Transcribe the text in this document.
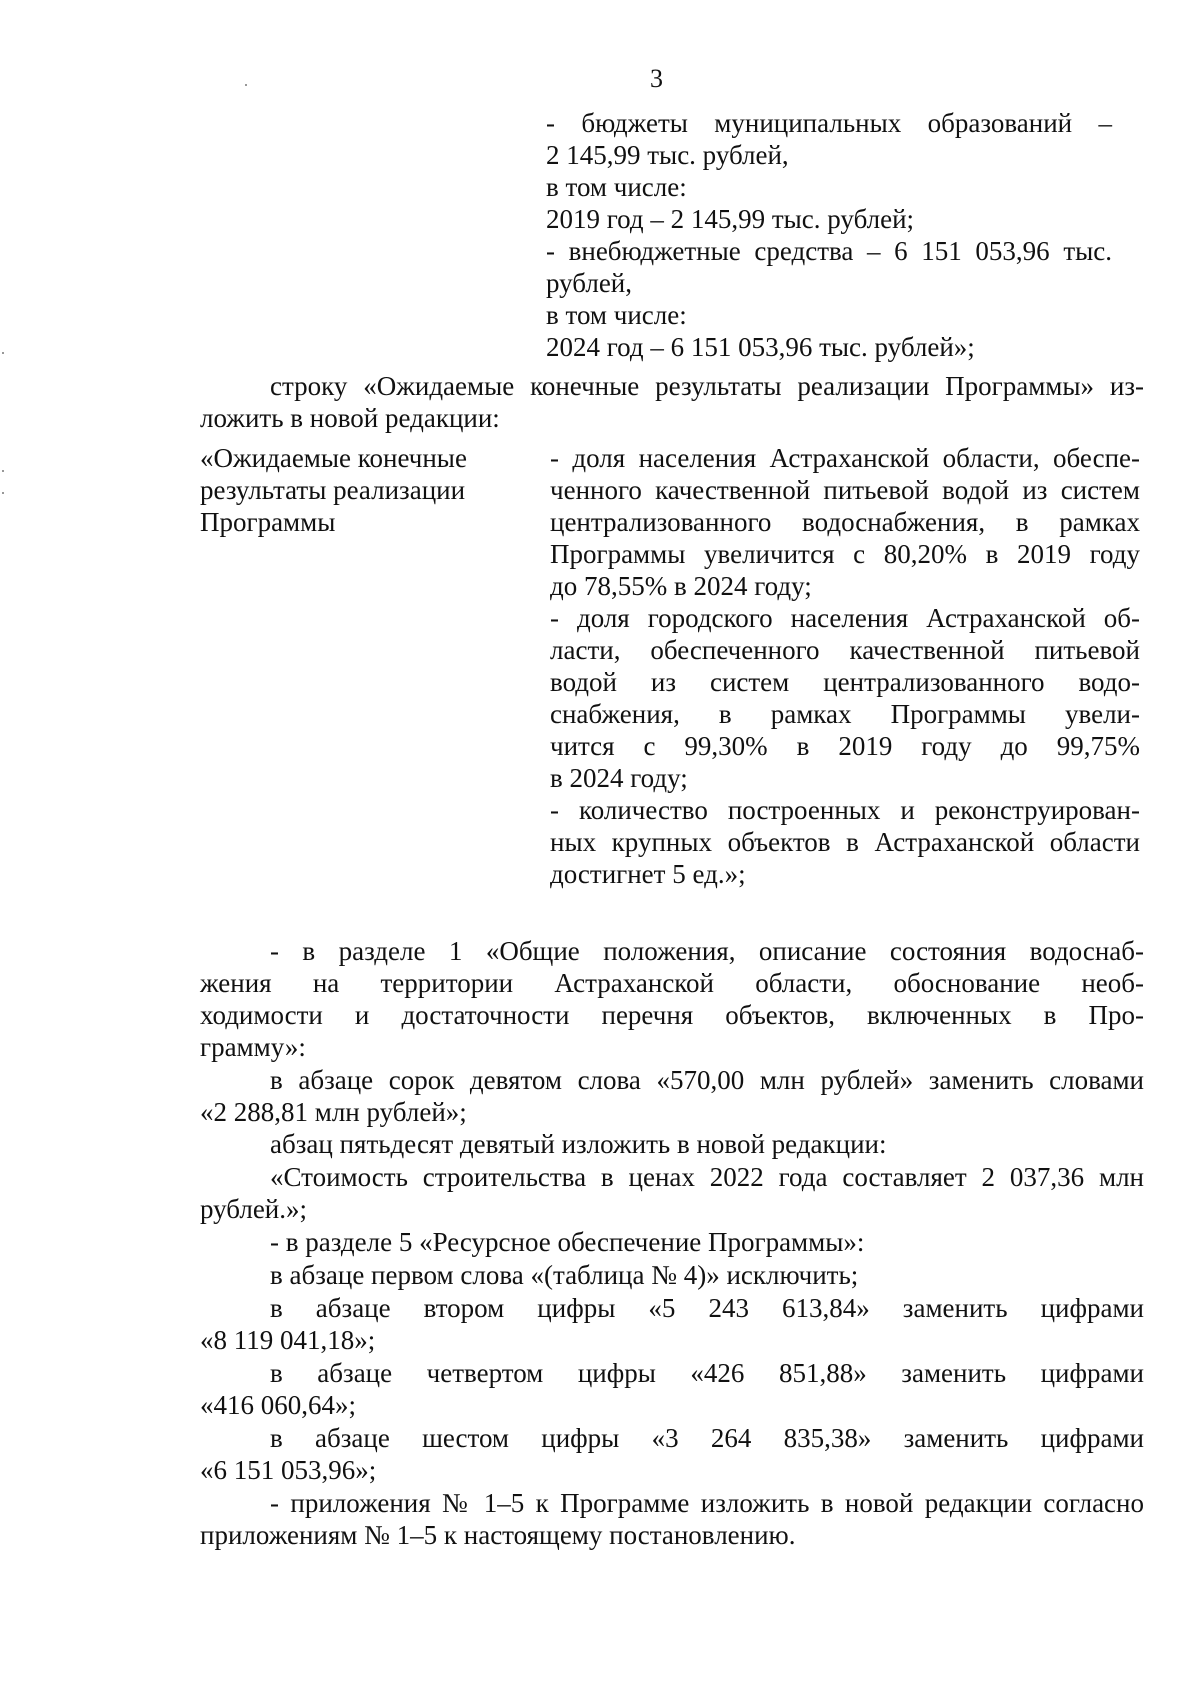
3
- бюджеты муниципальных образований –
2 145,99 тыс. рублей,
в том числе:
2019 год – 2 145,99 тыс. рублей;
- внебюджетные средства – 6 151 053,96 тыс.
рублей,
в том числе:
2024 год – 6 151 053,96 тыс. рублей»;
строку «Ожидаемые конечные результаты реализации Программы» из-
ложить в новой редакции:
«Ожидаемые конечные
результаты реализации
Программы
- доля населения Астраханской области, обеспе-
ченного качественной питьевой водой из систем
централизованного водоснабжения, в рамках
Программы увеличится с 80,20% в 2019 году
до 78,55% в 2024 году;
- доля городского населения Астраханской об-
ласти, обеспеченного качественной питьевой
водой из систем централизованного водо-
снабжения, в рамках Программы увели-
чится с 99,30% в 2019 году до 99,75%
в 2024 году;
- количество построенных и реконструирован-
ных крупных объектов в Астраханской области
достигнет 5 ед.»;
- в разделе 1 «Общие положения, описание состояния водоснаб-
жения на территории Астраханской области, обоснование необ-
ходимости и достаточности перечня объектов, включенных в Про-
грамму»:
в абзаце сорок девятом слова «570,00 млн рублей» заменить словами
«2 288,81 млн рублей»;
абзац пятьдесят девятый изложить в новой редакции:
«Стоимость строительства в ценах 2022 года составляет 2 037,36 млн
рублей.»;
- в разделе 5 «Ресурсное обеспечение Программы»:
в абзаце первом слова «(таблица № 4)» исключить;
в абзаце втором цифры «5 243 613,84» заменить цифрами
«8 119 041,18»;
в абзаце четвертом цифры «426 851,88» заменить цифрами
«416 060,64»;
в абзаце шестом цифры «3 264 835,38» заменить цифрами
«6 151 053,96»;
- приложения № 1–5 к Программе изложить в новой редакции согласно
приложениям № 1–5 к настоящему постановлению.
